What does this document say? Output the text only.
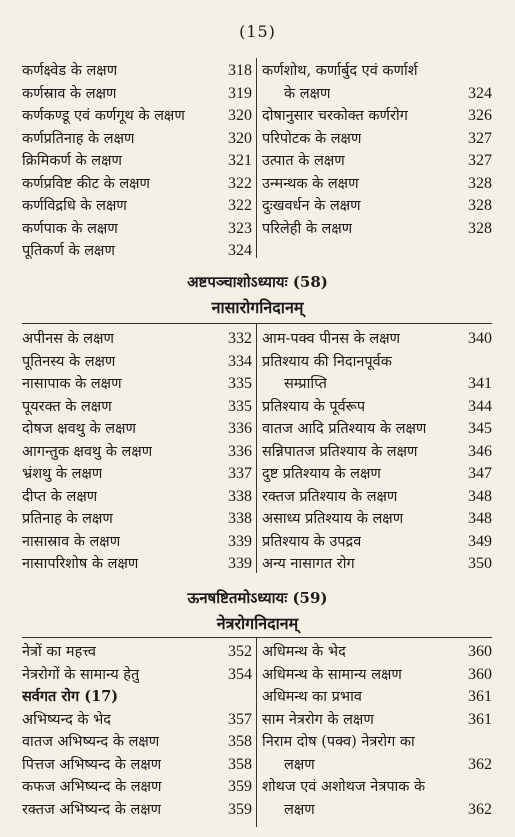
(15)
कर्णक्ष्वेड के लक्षण	318
कर्णस्राव के लक्षण	319
कर्णकण्डू एवं कर्णगूथ के लक्षण	320
कर्णप्रतिनाह के लक्षण	320
क्रिमिकर्ण के लक्षण	321
कर्णप्रविष्ट कीट के लक्षण	322
कर्णविद्रधि के लक्षण	322
कर्णपाक के लक्षण	323
पूतिकर्ण के लक्षण	324
कर्णशोथ, कर्णार्बुद एवं कर्णार्श
के लक्षण	324
दोषानुसार चरकोक्त कर्णरोग	326
परिपोटक के लक्षण	327
उत्पात के लक्षण	327
उन्मन्थक के लक्षण	328
दुःखवर्धन के लक्षण	328
परिलेही के लक्षण	328
अष्टपञ्चाशोऽध्यायः (58)
नासारोगनिदानम्
अपीनस के लक्षण	332
पूतिनस्य के लक्षण	334
नासापाक के लक्षण	335
पूयरक्त के लक्षण	335
दोषज क्षवथु के लक्षण	336
आगन्तुक क्षवथु के लक्षण	336
भ्रंशथु के लक्षण	337
दीप्त के लक्षण	338
प्रतिनाह के लक्षण	338
नासास्राव के लक्षण	339
नासापरिशोष के लक्षण	339
आम-पक्व पीनस के लक्षण	340
प्रतिश्याय की निदानपूर्वक
सम्प्राप्ति	341
प्रतिश्याय के पूर्वरूप	344
वातज आदि प्रतिश्याय के लक्षण	345
सन्निपातज प्रतिश्याय के लक्षण	346
दुष्ट प्रतिश्याय के लक्षण	347
रक्तज प्रतिश्याय के लक्षण	348
असाध्य प्रतिश्याय के लक्षण	348
प्रतिश्याय के उपद्रव	349
अन्य नासागत रोग	350
ऊनषष्टितमोऽध्यायः (59)
नेत्ररोगनिदानम्
नेत्रों का महत्त्व	352
नेत्ररोगों के सामान्य हेतु	354
सर्वगत रोग (17)
अभिष्यन्द के भेद	357
वातज अभिष्यन्द के लक्षण	358
पित्तज अभिष्यन्द के लक्षण	358
कफज अभिष्यन्द के लक्षण	359
रक्तज अभिष्यन्द के लक्षण	359
अधिमन्थ के भेद	360
अधिमन्थ के सामान्य लक्षण	360
अधिमन्थ का प्रभाव	361
साम नेत्ररोग के लक्षण	361
निराम दोष (पक्व) नेत्ररोग का
लक्षण	362
शोथज एवं अशोथज नेत्रपाक के
लक्षण	362
